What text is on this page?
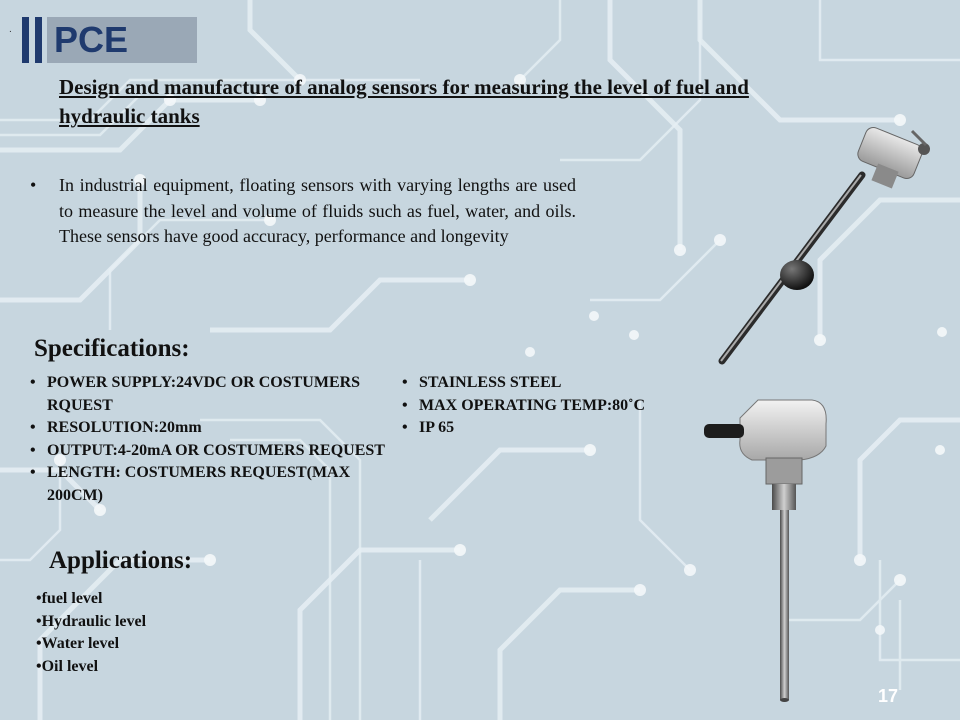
. PCE
Design and manufacture of analog sensors for measuring the level of fuel and hydraulic tanks
• In industrial equipment, floating sensors with varying lengths are used to measure the level and volume of fluids such as fuel, water, and oils. These sensors have good accuracy, performance and longevity
Specifications:
• POWER SUPPLY:24VDC OR COSTUMERS RQUEST
• RESOLUTION:20mm
• OUTPUT:4-20mA OR COSTUMERS REQUEST
• LENGTH: COSTUMERS REQUEST(MAX 200CM)
• STAINLESS STEEL
• MAX OPERATING TEMP:80˚C
• IP 65
Applications:
•fuel level
•Hydraulic level
•Water level
•Oil level
17
